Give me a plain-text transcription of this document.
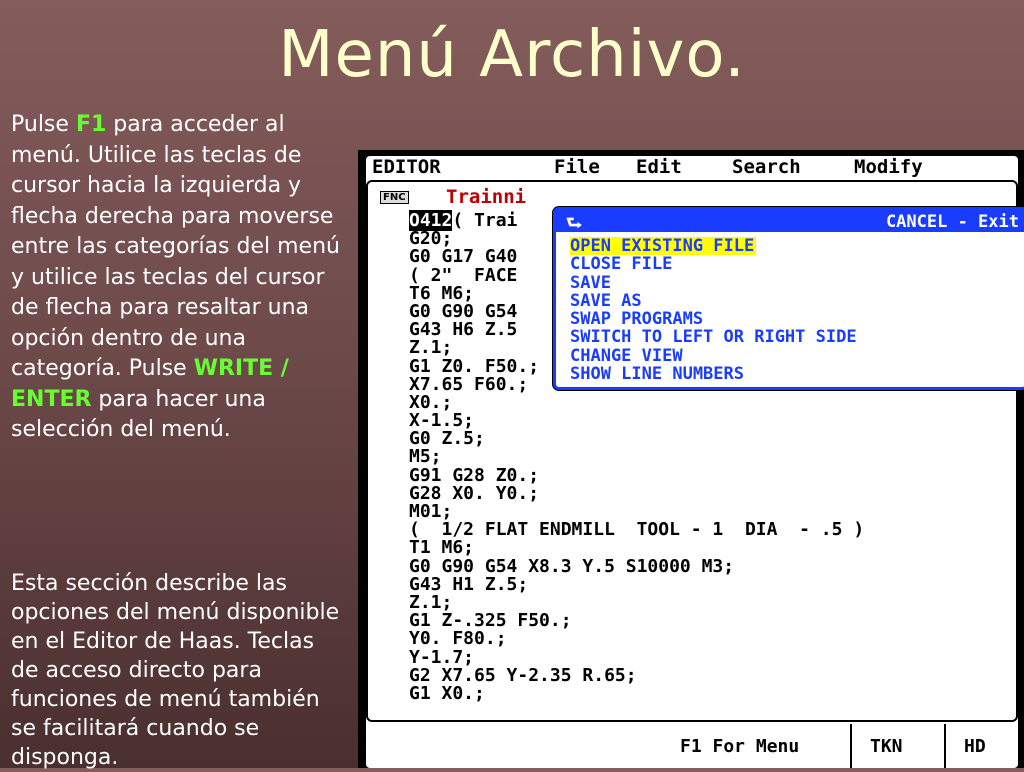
Menú Archivo.
Pulse F1 para acceder al menú. Utilice las teclas de cursor hacia la izquierda y flecha derecha para moverse entre las categorías del menú y utilice las teclas del cursor de flecha para resaltar una opción dentro de una categoría. Pulse WRITE / ENTER para hacer una selección del menú.
Esta sección describe las opciones del menú disponible en el Editor de Haas. Teclas de acceso directo para funciones de menú también se facilitará cuando se disponga.
EDITOR	File Edit	Search	Modify
FNC Trainni
O412( Trai
G20;
G0 G17 G40
( 2"  FACE
T6 M6;
G0 G90 G54
G43 H6 Z.5
Z.1;
G1 Z0. F50.;
X7.65 F60.;
X0.;
X-1.5;
G0 Z.5;
M5;
G91 G28 Z0.;
G28 X0. Y0.;
M01;
(  1/2 FLAT ENDMILL  TOOL - 1  DIA  - .5 )
T1 M6;
G0 G90 G54 X8.3 Y.5 S10000 M3;
G43 H1 Z.5;
Z.1;
G1 Z-.325 F50.;
Y0. F80.;
Y-1.7;
G2 X7.65 Y-2.35 R.65;
G1 X0.;
⮑	CANCEL - Exit
OPEN EXISTING FILE
CLOSE FILE
SAVE
SAVE AS
SWAP PROGRAMS
SWITCH TO LEFT OR RIGHT SIDE
CHANGE VIEW
SHOW LINE NUMBERS
F1 For Menu	TKN	HD
